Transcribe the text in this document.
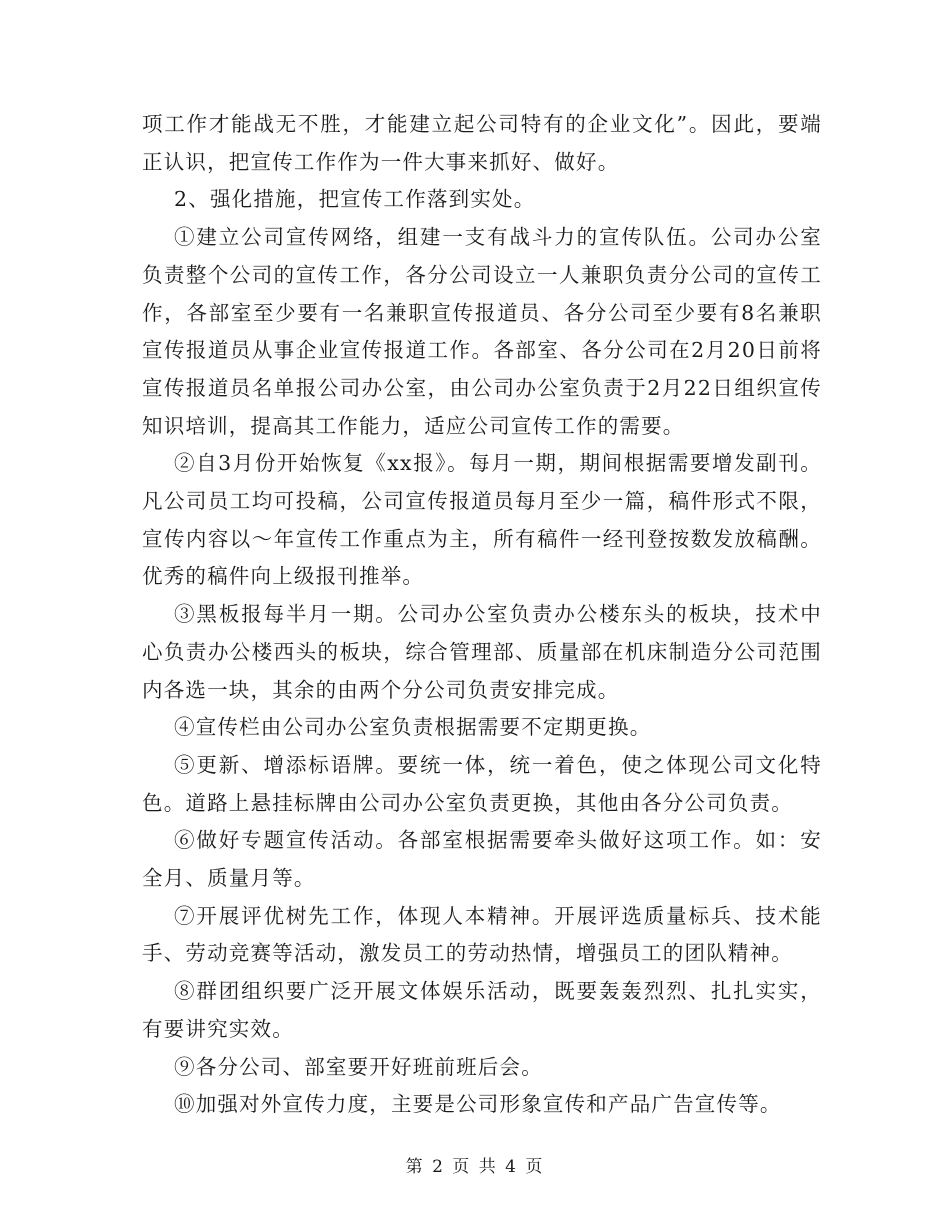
项工作才能战无不胜，才能建立起公司特有的企业文化”。因此，要端正认识，把宣传工作作为一件大事来抓好、做好。

2、强化措施，把宣传工作落到实处。

①建立公司宣传网络，组建一支有战斗力的宣传队伍。公司办公室负责整个公司的宣传工作，各分公司设立一人兼职负责分公司的宣传工作，各部室至少要有一名兼职宣传报道员、各分公司至少要有8名兼职宣传报道员从事企业宣传报道工作。各部室、各分公司在2月20日前将宣传报道员名单报公司办公室，由公司办公室负责于2月22日组织宣传知识培训，提高其工作能力，适应公司宣传工作的需要。

②自3月份开始恢复《xx报》。每月一期，期间根据需要增发副刊。凡公司员工均可投稿，公司宣传报道员每月至少一篇，稿件形式不限，宣传内容以～年宣传工作重点为主，所有稿件一经刊登按数发放稿酬。优秀的稿件向上级报刊推举。

③黑板报每半月一期。公司办公室负责办公楼东头的板块，技术中心负责办公楼西头的板块，综合管理部、质量部在机床制造分公司范围内各选一块，其余的由两个分公司负责安排完成。

④宣传栏由公司办公室负责根据需要不定期更换。

⑤更新、增添标语牌。要统一体，统一着色，使之体现公司文化特色。道路上悬挂标牌由公司办公室负责更换，其他由各分公司负责。

⑥做好专题宣传活动。各部室根据需要牵头做好这项工作。如：安全月、质量月等。

⑦开展评优树先工作，体现人本精神。开展评选质量标兵、技术能手、劳动竞赛等活动，激发员工的劳动热情，增强员工的团队精神。

⑧群团组织要广泛开展文体娱乐活动，既要轰轰烈烈、扎扎实实，有要讲究实效。

⑨各分公司、部室要开好班前班后会。

⑩加强对外宣传力度，主要是公司形象宣传和产品广告宣传等。

第 2 页 共 4 页
